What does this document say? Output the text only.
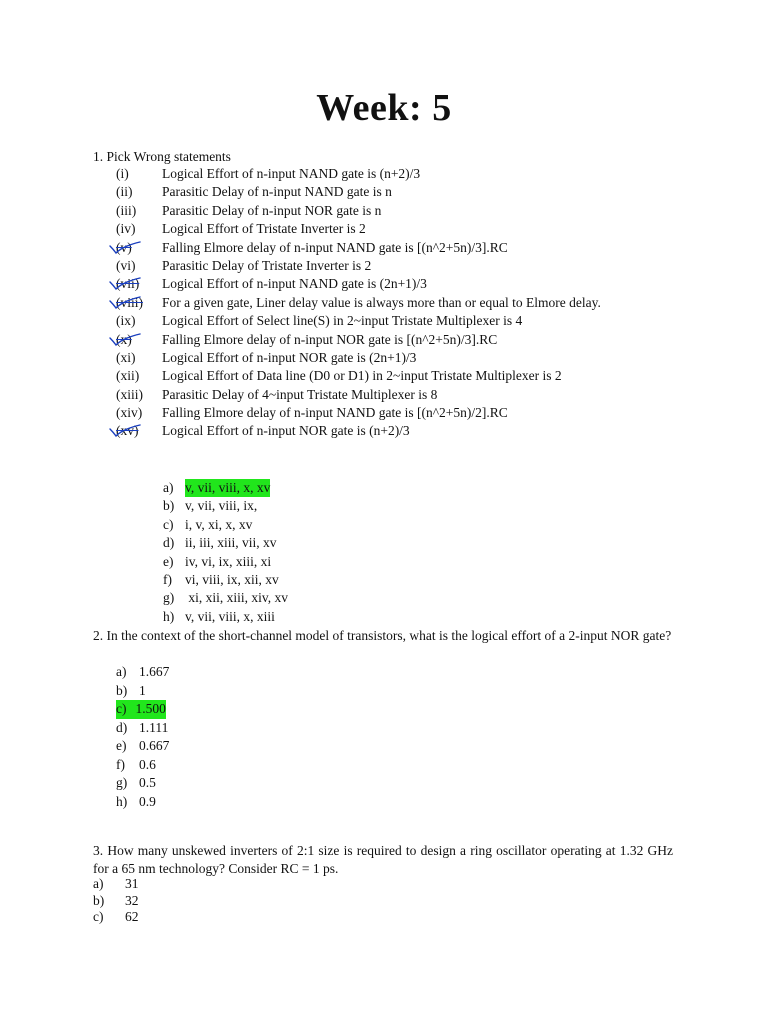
Week: 5
1. Pick Wrong statements
(i)	Logical Effort of n-input NAND gate is (n+2)/3
(ii)	Parasitic Delay of n-input NAND gate is n
(iii)	Parasitic Delay of n-input NOR gate is n
(iv)	Logical Effort of Tristate Inverter is 2
(v)	Falling Elmore delay of n-input NAND gate is [(n^2+5n)/3].RC
(vi)	Parasitic Delay of Tristate Inverter is 2
(vii)	Logical Effort of n-input NAND gate is (2n+1)/3
(viii)	For a given gate, Liner delay value is always more than or equal to Elmore delay.
(ix)	Logical Effort of Select line(S) in 2~input Tristate Multiplexer is 4
(x)	Falling Elmore delay of n-input NOR gate is [(n^2+5n)/3].RC
(xi)	Logical Effort of n-input NOR gate is (2n+1)/3
(xii)	Logical Effort of Data line (D0 or D1) in 2~input Tristate Multiplexer is 2
(xiii)	Parasitic Delay of 4~input Tristate Multiplexer is 8
(xiv)	Falling Elmore delay of n-input NAND gate is [(n^2+5n)/2].RC
(xv)	Logical Effort of n-input NOR gate is (n+2)/3
a) v, vii, viii, x, xv
b) v, vii, viii, ix,
c) i, v, xi, x, xv
d) ii, iii, xiii, vii, xv
e) iv, vi, ix, xiii, xi
f) vi, viii, ix, xii, xv
g) xi, xii, xiii, xiv, xv
h) v, vii, viii, x, xiii
2. In the context of the short-channel model of transistors, what is the logical effort of a 2-input NOR gate?
a) 1.667
b) 1
c) 1.500
d) 1.111
e) 0.667
f)	0.6
g) 0.5
h) 0.9
3. How many unskewed inverters of 2:1 size is required to design a ring oscillator operating at 1.32 GHz for a 65 nm technology? Consider RC = 1 ps.
a)	31
b)	32
c)	62
